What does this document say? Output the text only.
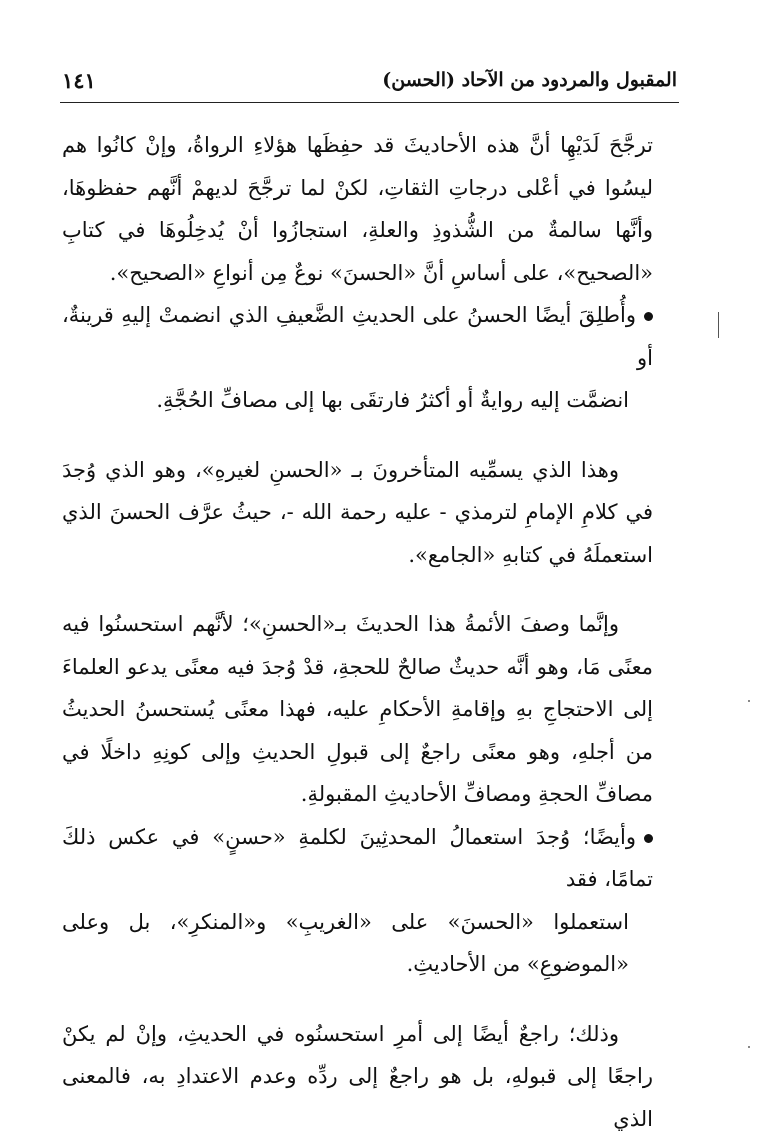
المقبول والمردود من الآحاد (الحسن)
١٤١

ترجَّحَ لَدَيْهِا أنَّ هذه الأحاديثَ قد حفِظَها هؤلاءِ الرواةُ، وإنْ كانُوا هم ليسُوا في أعْلى درجاتِ الثقاتِ، لكنْ لما ترجَّحَ لديهمْ أنَّهم حفظوهَا، وأنَّها سالمةٌ من الشُّذوذِ والعلةِ، استجازُوا أنْ يُدخِلُوهَا في كتابِ «الصحيح»، على أساسِ أنَّ «الحسنَ» نوعٌ مِن أنواعِ «الصحيح».

وأُطلِقَ أيضًا الحسنُ على الحديثِ الضَّعيفِ الذي انضمتْ إليهِ قرينةٌ، أو
انضمَّت إليه روايةٌ أو أكثرُ فارتقَى بها إلى مصافِّ الحُجَّةِ.

وهذا الذي يسمِّيه المتأخرونَ بـ «الحسنِ لغيرهِ»، وهو الذي وُجدَ في كلامِ الإمامِ لترمذي - عليه رحمة الله -، حيثُ عرَّف الحسنَ الذي استعملَهُ في كتابهِ «الجامع».

وإنَّما وصفَ الأئمةُ هذا الحديثَ بـ«الحسنِ»؛ لأنَّهم استحسنُوا فيه معنًى مَا، وهو أنَّه حديثٌ صالحٌ للحجةِ، قدْ وُجدَ فيه معنًى يدعو العلماءَ إلى الاحتجاجِ بهِ وإقامةِ الأحكامِ عليه، فهذا معنًى يُستحسنُ الحديثُ من أجلهِ، وهو معنًى راجعٌ إلى قبولِ الحديثِ وإلى كونِهِ داخلًا في مصافِّ الحجةِ ومصافِّ الأحاديثِ المقبولةِ.

وأيضًا؛ وُجدَ استعمالُ المحدثِينَ لكلمةِ «حسنٍ» في عكس ذلكَ تمامًا، فقد
استعملوا «الحسنَ» على «الغريبِ» و«المنكرِ»، بل وعلى «الموضوعِ» من الأحاديثِ.

وذلك؛ راجعٌ أيضًا إلى أمرِ استحسنُوه في الحديثِ، وإنْ لم يكنْ راجعًا إلى قبولهِ، بل هو راجعٌ إلى ردِّه وعدم الاعتدادِ به، فالمعنى الذي
